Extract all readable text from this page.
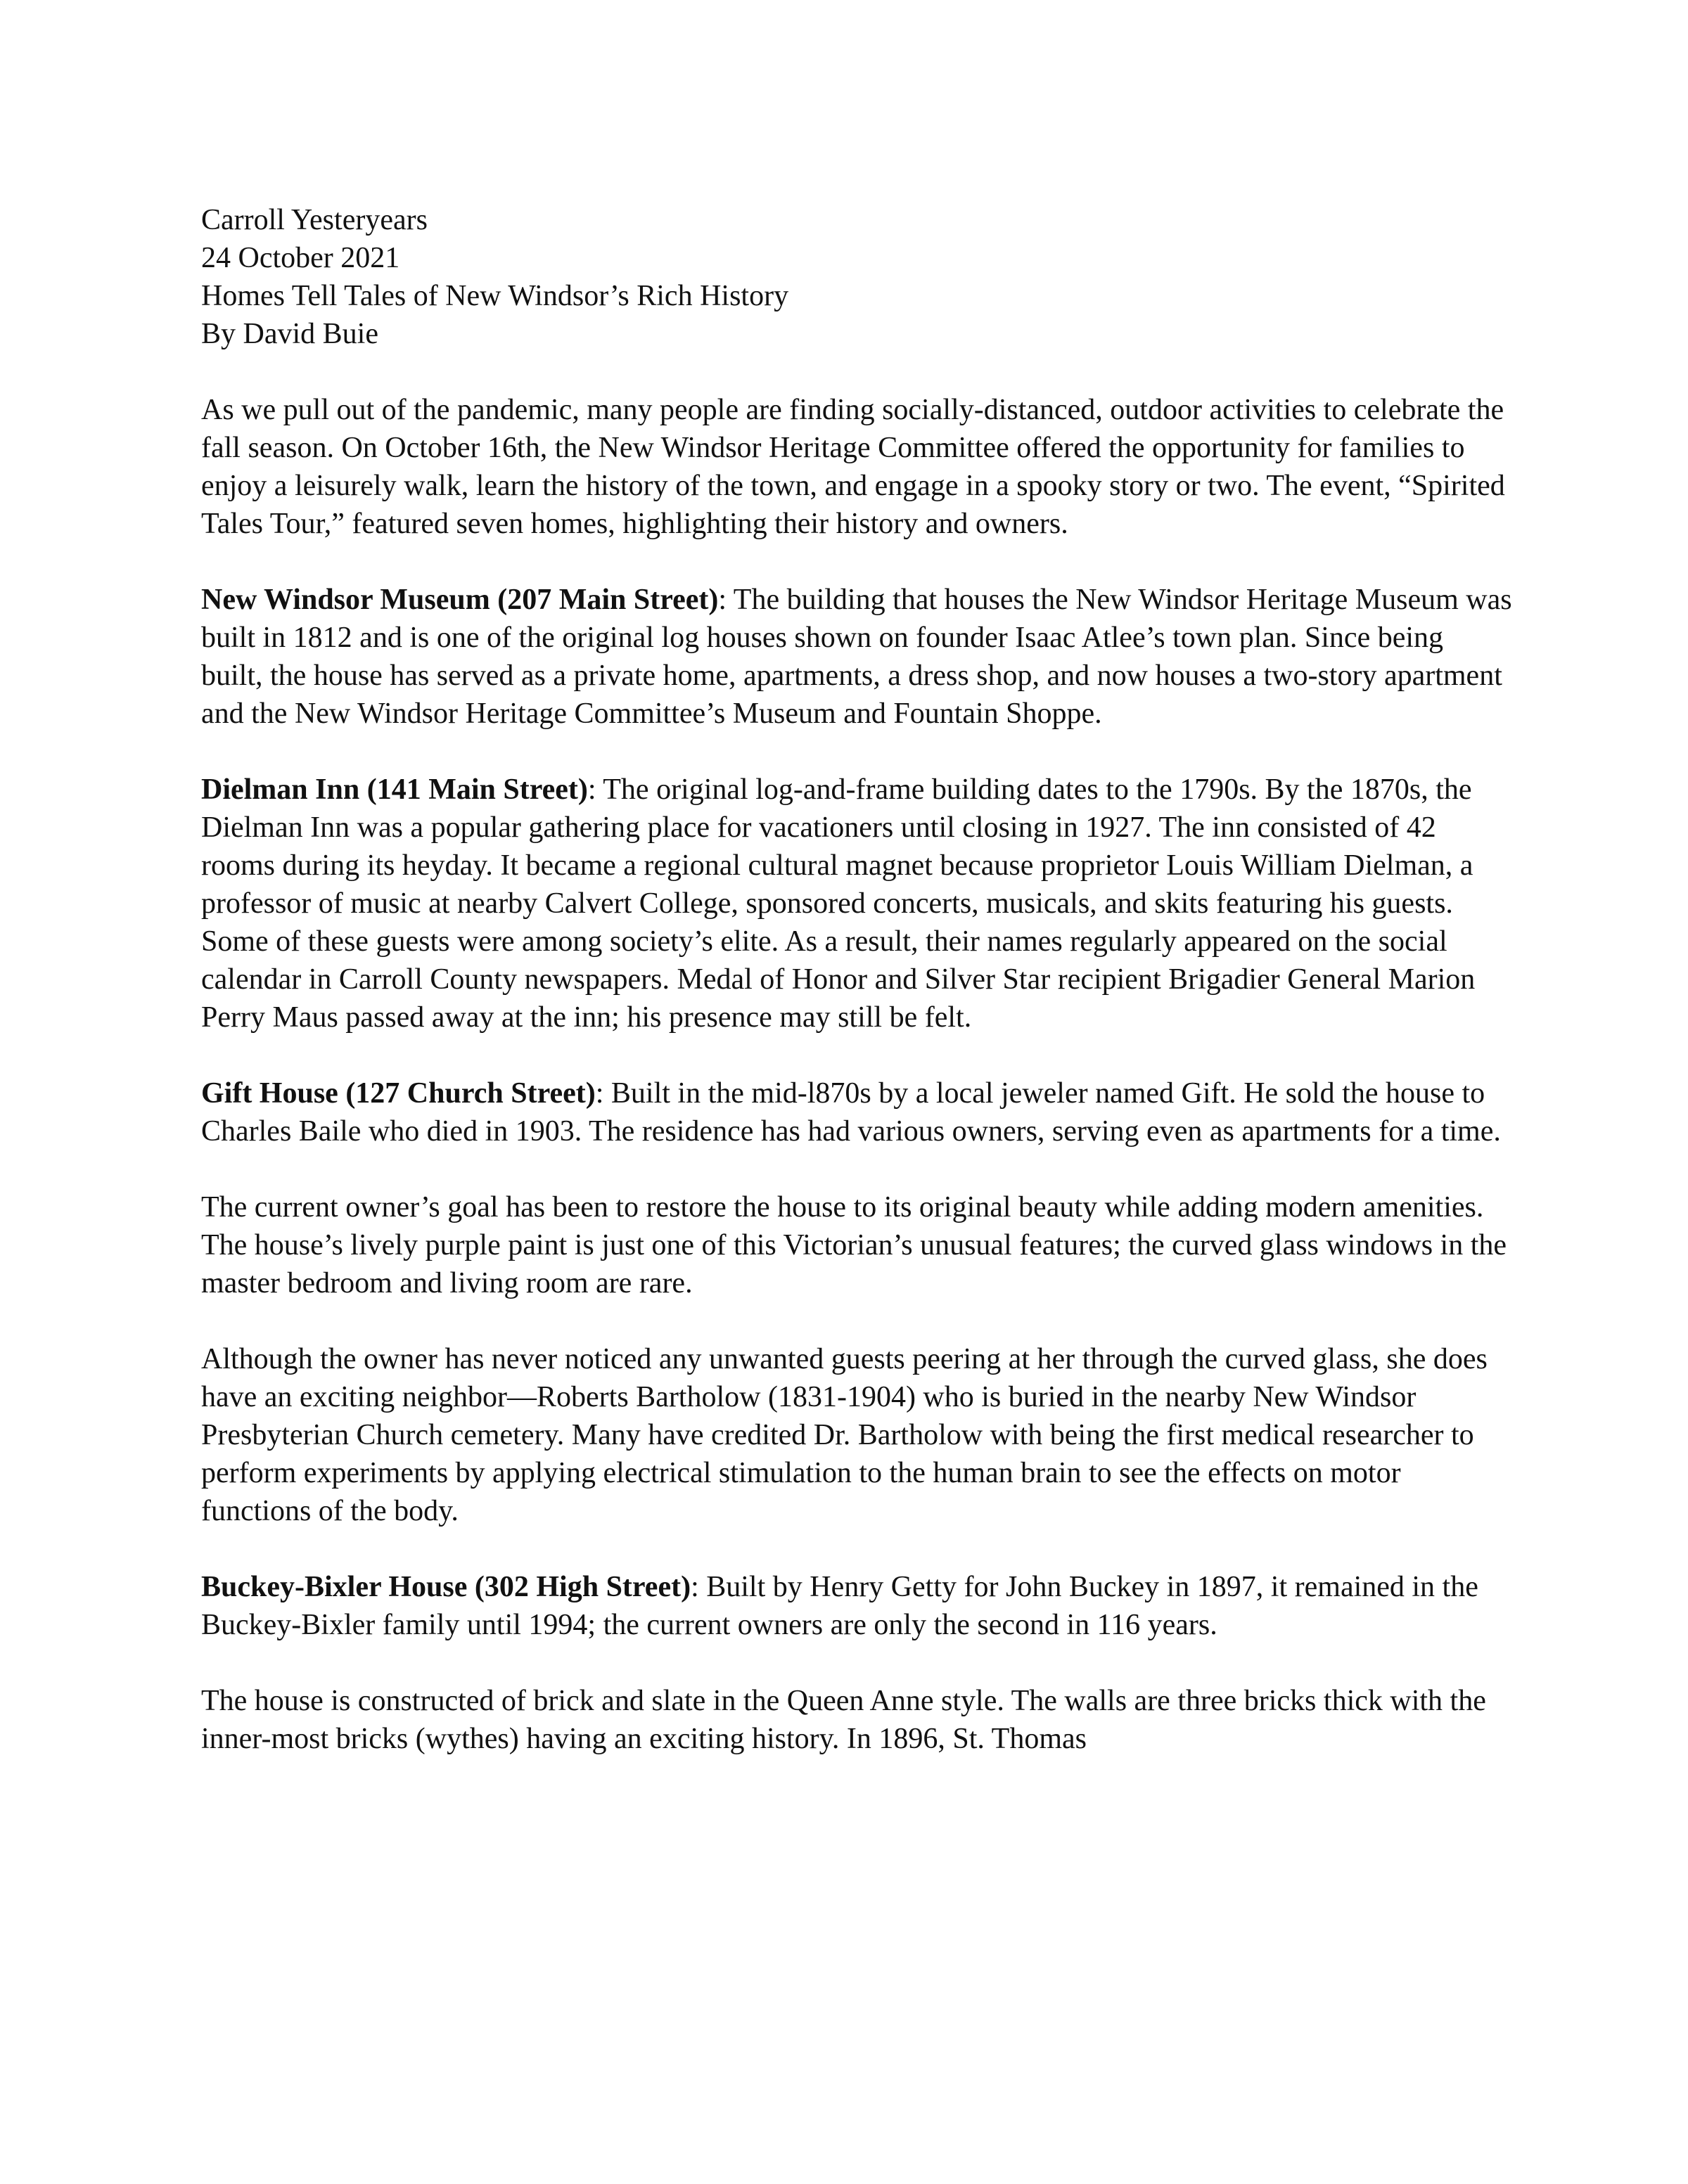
Carroll Yesteryears
24 October 2021
Homes Tell Tales of New Windsor’s Rich History
By David Buie

As we pull out of the pandemic, many people are finding socially-distanced, outdoor activities to celebrate the fall season. On October 16th, the New Windsor Heritage Committee offered the opportunity for families to enjoy a leisurely walk, learn the history of the town, and engage in a spooky story or two. The event, “Spirited Tales Tour,” featured seven homes, highlighting their history and owners.

New Windsor Museum (207 Main Street): The building that houses the New Windsor Heritage Museum was built in 1812 and is one of the original log houses shown on founder Isaac Atlee’s town plan. Since being built, the house has served as a private home, apartments, a dress shop, and now houses a two-story apartment and the New Windsor Heritage Committee’s Museum and Fountain Shoppe.

Dielman Inn (141 Main Street): The original log-and-frame building dates to the 1790s. By the 1870s, the Dielman Inn was a popular gathering place for vacationers until closing in 1927. The inn consisted of 42 rooms during its heyday. It became a regional cultural magnet because proprietor Louis William Dielman, a professor of music at nearby Calvert College, sponsored concerts, musicals, and skits featuring his guests. Some of these guests were among society’s elite. As a result, their names regularly appeared on the social calendar in Carroll County newspapers. Medal of Honor and Silver Star recipient Brigadier General Marion Perry Maus passed away at the inn; his presence may still be felt.

Gift House (127 Church Street): Built in the mid-l870s by a local jeweler named Gift. He sold the house to Charles Baile who died in 1903. The residence has had various owners, serving even as apartments for a time.

The current owner’s goal has been to restore the house to its original beauty while adding modern amenities. The house’s lively purple paint is just one of this Victorian’s unusual features; the curved glass windows in the master bedroom and living room are rare.

Although the owner has never noticed any unwanted guests peering at her through the curved glass, she does have an exciting neighbor—Roberts Bartholow (1831-1904) who is buried in the nearby New Windsor Presbyterian Church cemetery. Many have credited Dr. Bartholow with being the first medical researcher to perform experiments by applying electrical stimulation to the human brain to see the effects on motor functions of the body.

Buckey-Bixler House (302 High Street): Built by Henry Getty for John Buckey in 1897, it remained in the Buckey-Bixler family until 1994; the current owners are only the second in 116 years.

The house is constructed of brick and slate in the Queen Anne style. The walls are three bricks thick with the inner-most bricks (wythes) having an exciting history. In 1896, St. Thomas
